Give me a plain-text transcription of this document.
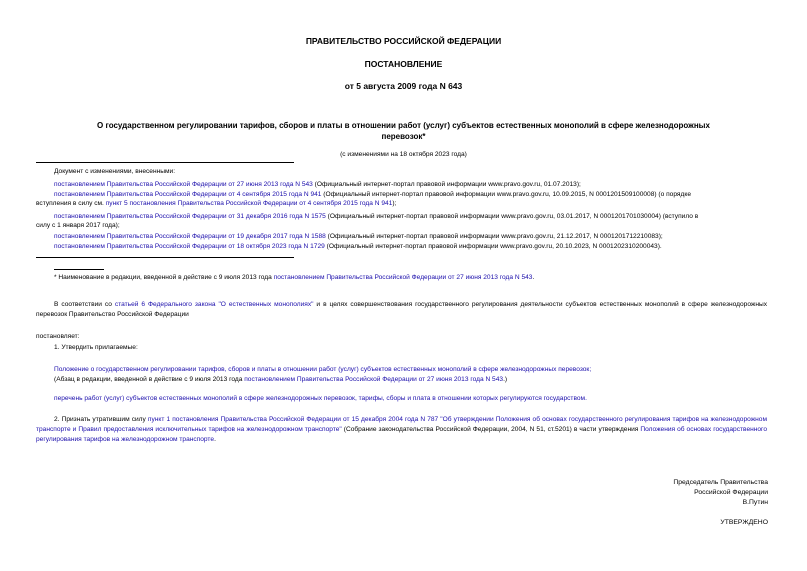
ПРАВИТЕЛЬСТВО РОССИЙСКОЙ ФЕДЕРАЦИИ
ПОСТАНОВЛЕНИЕ
от 5 августа 2009 года N 643
О государственном регулировании тарифов, сборов и платы в отношении работ (услуг) субъектов естественных монополий в сфере железнодорожных
перевозок*
(с изменениями на 18 октября 2023 года)
Документ с изменениями, внесенными:
постановлением Правительства Российской Федерации от 27 июня 2013 года N 543 (Официальный интернет-портал правовой информации www.pravo.gov.ru, 01.07.2013);
постановлением Правительства Российской Федерации от 4 сентября 2015 года N 941 (Официальный интернет-портал правовой информации www.pravo.gov.ru, 10.09.2015, N 0001201509100008) (о порядке
вступления в силу см. пункт 5 постановления Правительства Российской Федерации от 4 сентября 2015 года N 941);
постановлением Правительства Российской Федерации от 31 декабря 2016 года N 1575 (Официальный интернет-портал правовой информации www.pravo.gov.ru, 03.01.2017, N 0001201701030004) (вступило в
силу с 1 января 2017 года);
постановлением Правительства Российской Федерации от 19 декабря 2017 года N 1588 (Официальный интернет-портал правовой информации www.pravo.gov.ru, 21.12.2017, N 0001201712210083);
постановлением Правительства Российской Федерации от 18 октября 2023 года N 1729 (Официальный интернет-портал правовой информации www.pravo.gov.ru, 20.10.2023, N 0001202310200043).
* Наименование в редакции, введенной в действие с 9 июля 2013 года постановлением Правительства Российской Федерации от 27 июня 2013 года N 543.
В соответствии со статьей 6 Федерального закона "О естественных монополиях" и в целях совершенствования государственного регулирования деятельности субъектов естественных монополий в сфере железнодорожных перевозок Правительство Российской Федерации
постановляет:
1. Утвердить прилагаемые:
Положение о государственном регулировании тарифов, сборов и платы в отношении работ (услуг) субъектов естественных монополий в сфере железнодорожных перевозок;
(Абзац в редакции, введенной в действие с 9 июля 2013 года постановлением Правительства Российской Федерации от 27 июня 2013 года N 543.)
перечень работ (услуг) субъектов естественных монополий в сфере железнодорожных перевозок, тарифы, сборы и плата в отношении которых регулируются государством.
2. Признать утратившим силу пункт 1 постановления Правительства Российской Федерации от 15 декабря 2004 года N 787 "Об утверждении Положения об основах государственного регулирования тарифов на железнодорожном транспорте и Правил предоставления исключительных тарифов на железнодорожном транспорте" (Собрание законодательства Российской Федерации, 2004, N 51, ст.5201) в части утверждения Положения об основах государственного регулирования тарифов на железнодорожном транспорте.
Председатель Правительства
Российской Федерации
В.Путин
УТВЕРЖДЕНО
